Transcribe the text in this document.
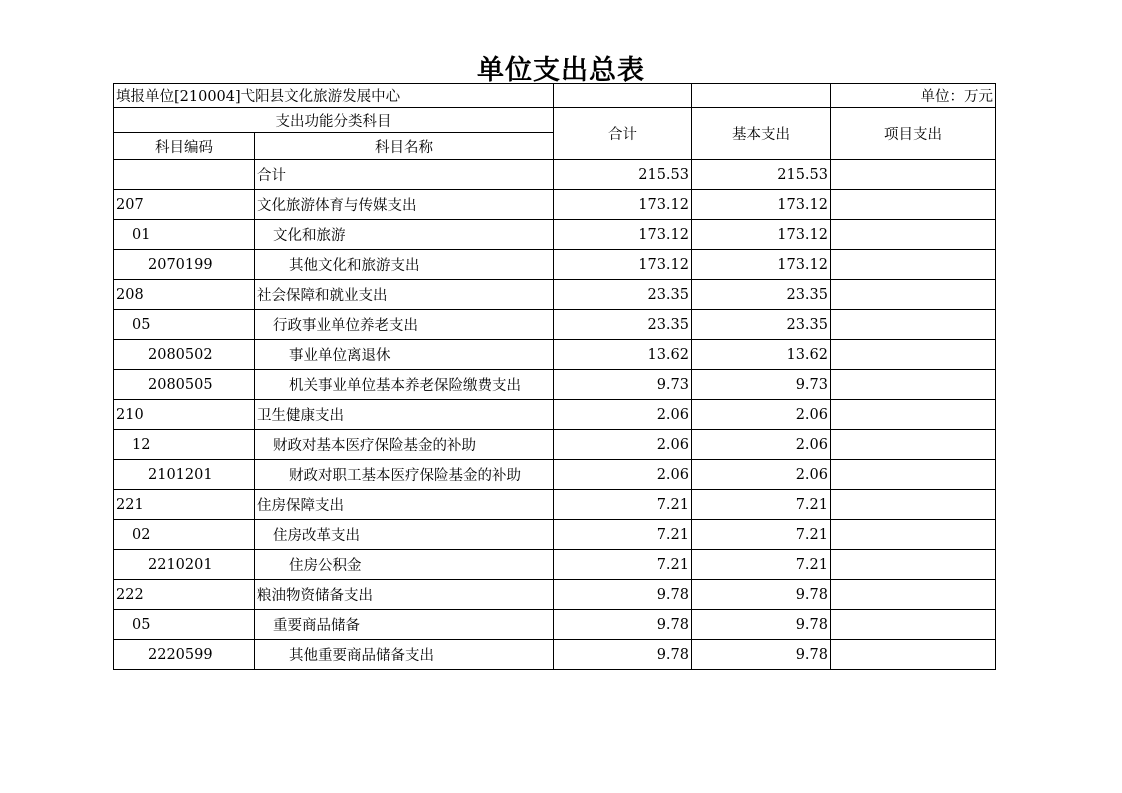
单位支出总表
填报单位[210004]弋阳县文化旅游发展中心				单位：万元
支出功能分类科目		合计	基本支出	项目支出
科目编码	科目名称			
	合计	215.53	215.53	
207	文化旅游体育与传媒支出	173.12	173.12	
01	文化和旅游	173.12	173.12	
2070199	其他文化和旅游支出	173.12	173.12	
208	社会保障和就业支出	23.35	23.35	
05	行政事业单位养老支出	23.35	23.35	
2080502	事业单位离退休	13.62	13.62	
2080505	机关事业单位基本养老保险缴费支出	9.73	9.73	
210	卫生健康支出	2.06	2.06	
12	财政对基本医疗保险基金的补助	2.06	2.06	
2101201	财政对职工基本医疗保险基金的补助	2.06	2.06	
221	住房保障支出	7.21	7.21	
02	住房改革支出	7.21	7.21	
2210201	住房公积金	7.21	7.21	
222	粮油物资储备支出	9.78	9.78	
05	重要商品储备	9.78	9.78	
2220599	其他重要商品储备支出	9.78	9.78	
